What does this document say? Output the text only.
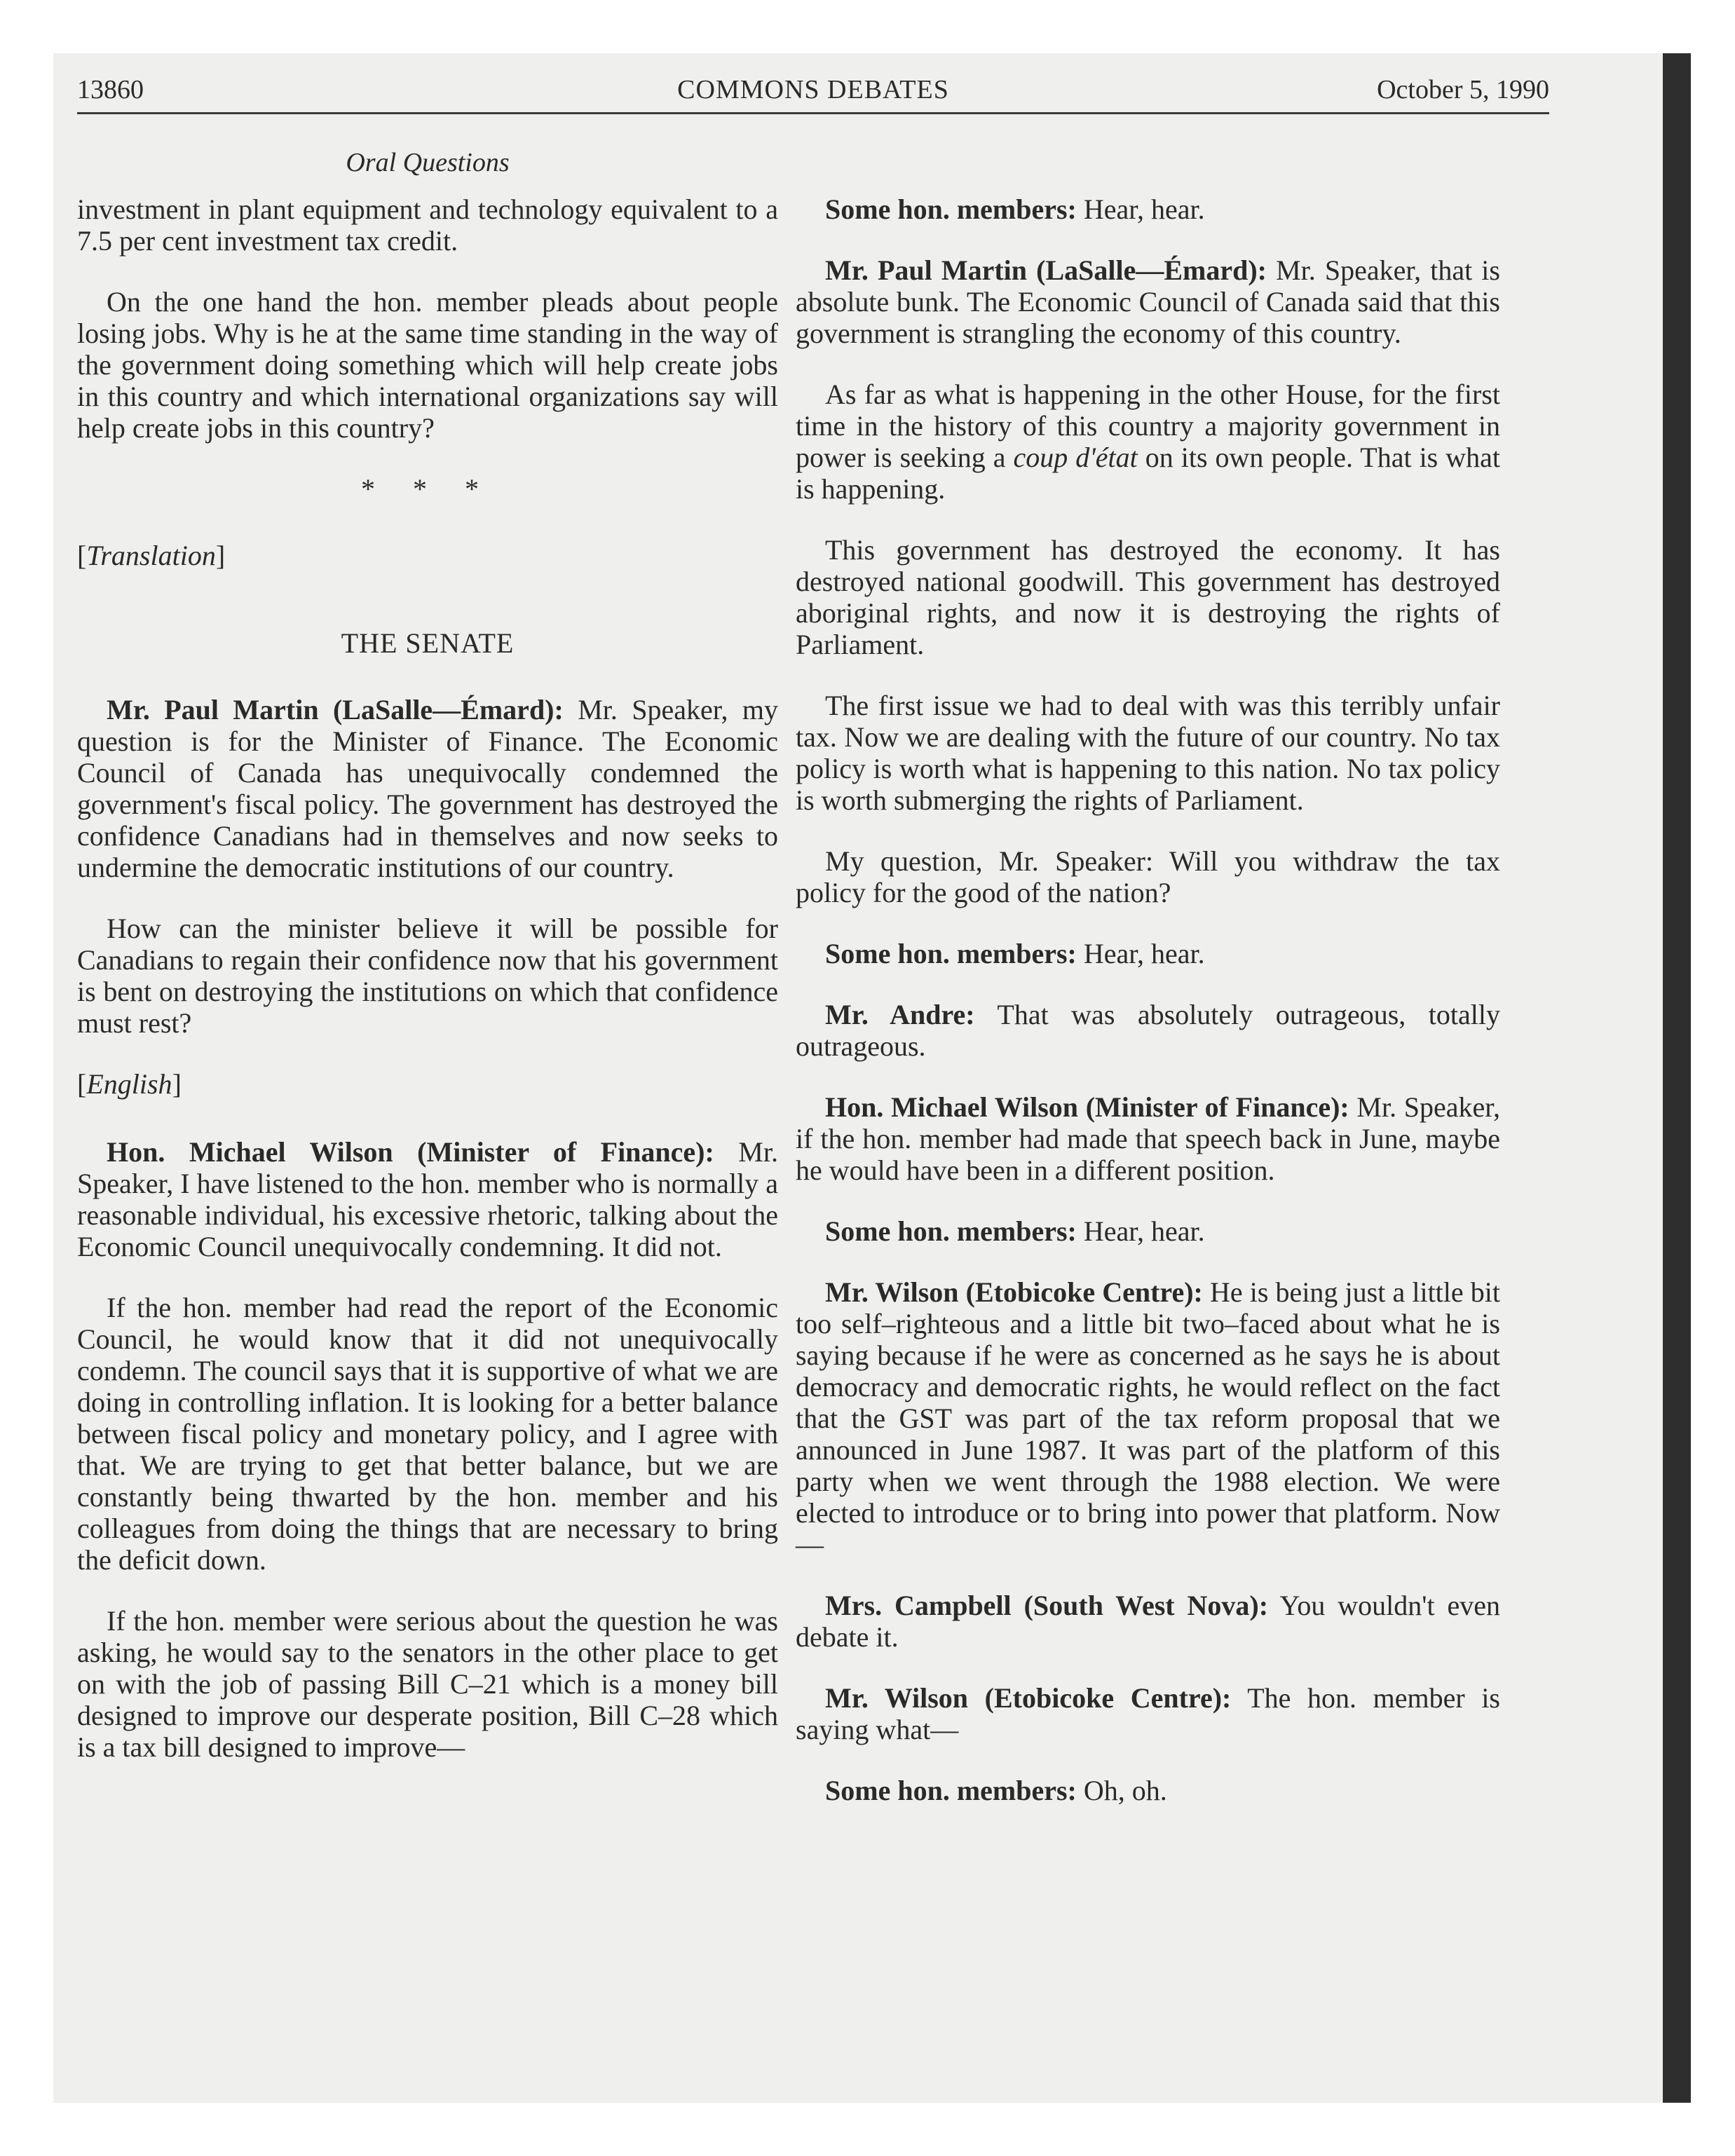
13860	COMMONS DEBATES	October 5, 1990
Oral Questions

investment in plant equipment and technology equivalent to a 7.5 per cent investment tax credit.

On the one hand the hon. member pleads about people losing jobs. Why is he at the same time standing in the way of the government doing something which will help create jobs in this country and which international organizations say will help create jobs in this country?

* * *
[Translation]
THE SENATE

Mr. Paul Martin (LaSalle—Émard): Mr. Speaker, my question is for the Minister of Finance. The Economic Council of Canada has unequivocally condemned the government's fiscal policy. The government has destroyed the confidence Canadians had in themselves and now seeks to undermine the democratic institutions of our country.

How can the minister believe it will be possible for Canadians to regain their confidence now that his government is bent on destroying the institutions on which that confidence must rest?

[English]

Hon. Michael Wilson (Minister of Finance): Mr. Speaker, I have listened to the hon. member who is normally a reasonable individual, his excessive rhetoric, talking about the Economic Council unequivocally condemning. It did not.

If the hon. member had read the report of the Economic Council, he would know that it did not unequivocally condemn. The council says that it is supportive of what we are doing in controlling inflation. It is looking for a better balance between fiscal policy and monetary policy, and I agree with that. We are trying to get that better balance, but we are constantly being thwarted by the hon. member and his colleagues from doing the things that are necessary to bring the deficit down.

If the hon. member were serious about the question he was asking, he would say to the senators in the other place to get on with the job of passing Bill C–21 which is a money bill designed to improve our desperate position, Bill C–28 which is a tax bill designed to improve—

Some hon. members: Hear, hear.

Mr. Paul Martin (LaSalle—Émard): Mr. Speaker, that is absolute bunk. The Economic Council of Canada said that this government is strangling the economy of this country.

As far as what is happening in the other House, for the first time in the history of this country a majority government in power is seeking a coup d'état on its own people. That is what is happening.

This government has destroyed the economy. It has destroyed national goodwill. This government has destroyed aboriginal rights, and now it is destroying the rights of Parliament.

The first issue we had to deal with was this terribly unfair tax. Now we are dealing with the future of our country. No tax policy is worth what is happening to this nation. No tax policy is worth submerging the rights of Parliament.

My question, Mr. Speaker: Will you withdraw the tax policy for the good of the nation?

Some hon. members: Hear, hear.

Mr. Andre: That was absolutely outrageous, totally outrageous.

Hon. Michael Wilson (Minister of Finance): Mr. Speaker, if the hon. member had made that speech back in June, maybe he would have been in a different position.

Some hon. members: Hear, hear.

Mr. Wilson (Etobicoke Centre): He is being just a little bit too self–righteous and a little bit two–faced about what he is saying because if he were as concerned as he says he is about democracy and democratic rights, he would reflect on the fact that the GST was part of the tax reform proposal that we announced in June 1987. It was part of the platform of this party when we went through the 1988 election. We were elected to introduce or to bring into power that platform. Now—

Mrs. Campbell (South West Nova): You wouldn't even debate it.

Mr. Wilson (Etobicoke Centre): The hon. member is saying what—

Some hon. members: Oh, oh.
